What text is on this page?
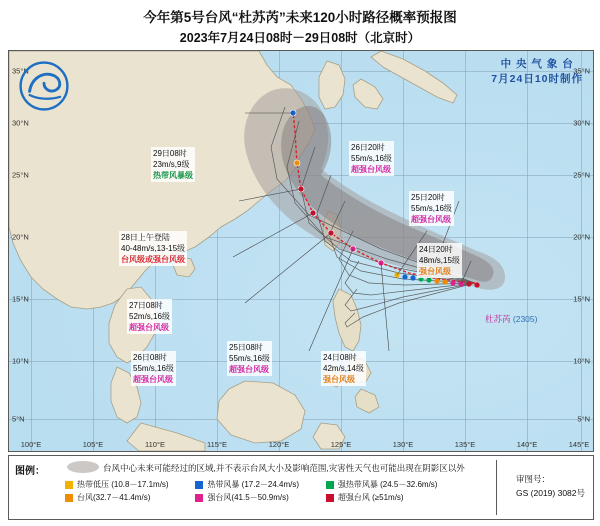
今年第5号台风“杜苏芮”未来120小时路径概率预报图
2023年7月24日08时－29日08时（北京时）
100°E	105°E	110°E	115°E	120°E	125°E	130°E	135°E	140°E	145°E
35°N
30°N
25°N
20°N
15°N
10°N
5°N
35°N
30°N
25°N
20°N
15°N
10°N
5°N
中 央 气 象 台
7月24日10时制作
29日08时
23m/s,9级
热带风暴级
28日上午登陆
40-48m/s,13-15级
台风级或强台风级
27日08时
52m/s,16级
超强台风级
26日08时
55m/s,16级
超强台风级
25日08时
55m/s,16级
超强台风级
24日08时
42m/s,14级
强台风级
26日20时
55m/s,16级
超强台风级
25日20时
55m/s,16级
超强台风级
24日20时
48m/s,15级
强台风级
杜苏芮 (2305)
图例：	台风中心未来可能经过的区域,并不表示台风大小及影响范围,灾害性天气也可能出现在阴影区以外
热带低压 (10.8－17.1m/s)	热带风暴 (17.2－24.4m/s)	强热带风暴 (24.5－32.6m/s)
台风(32.7－41.4m/s)	强台风(41.5－50.9m/s)	超强台风 (≥51m/s)
审图号：
GS (2019) 3082号
